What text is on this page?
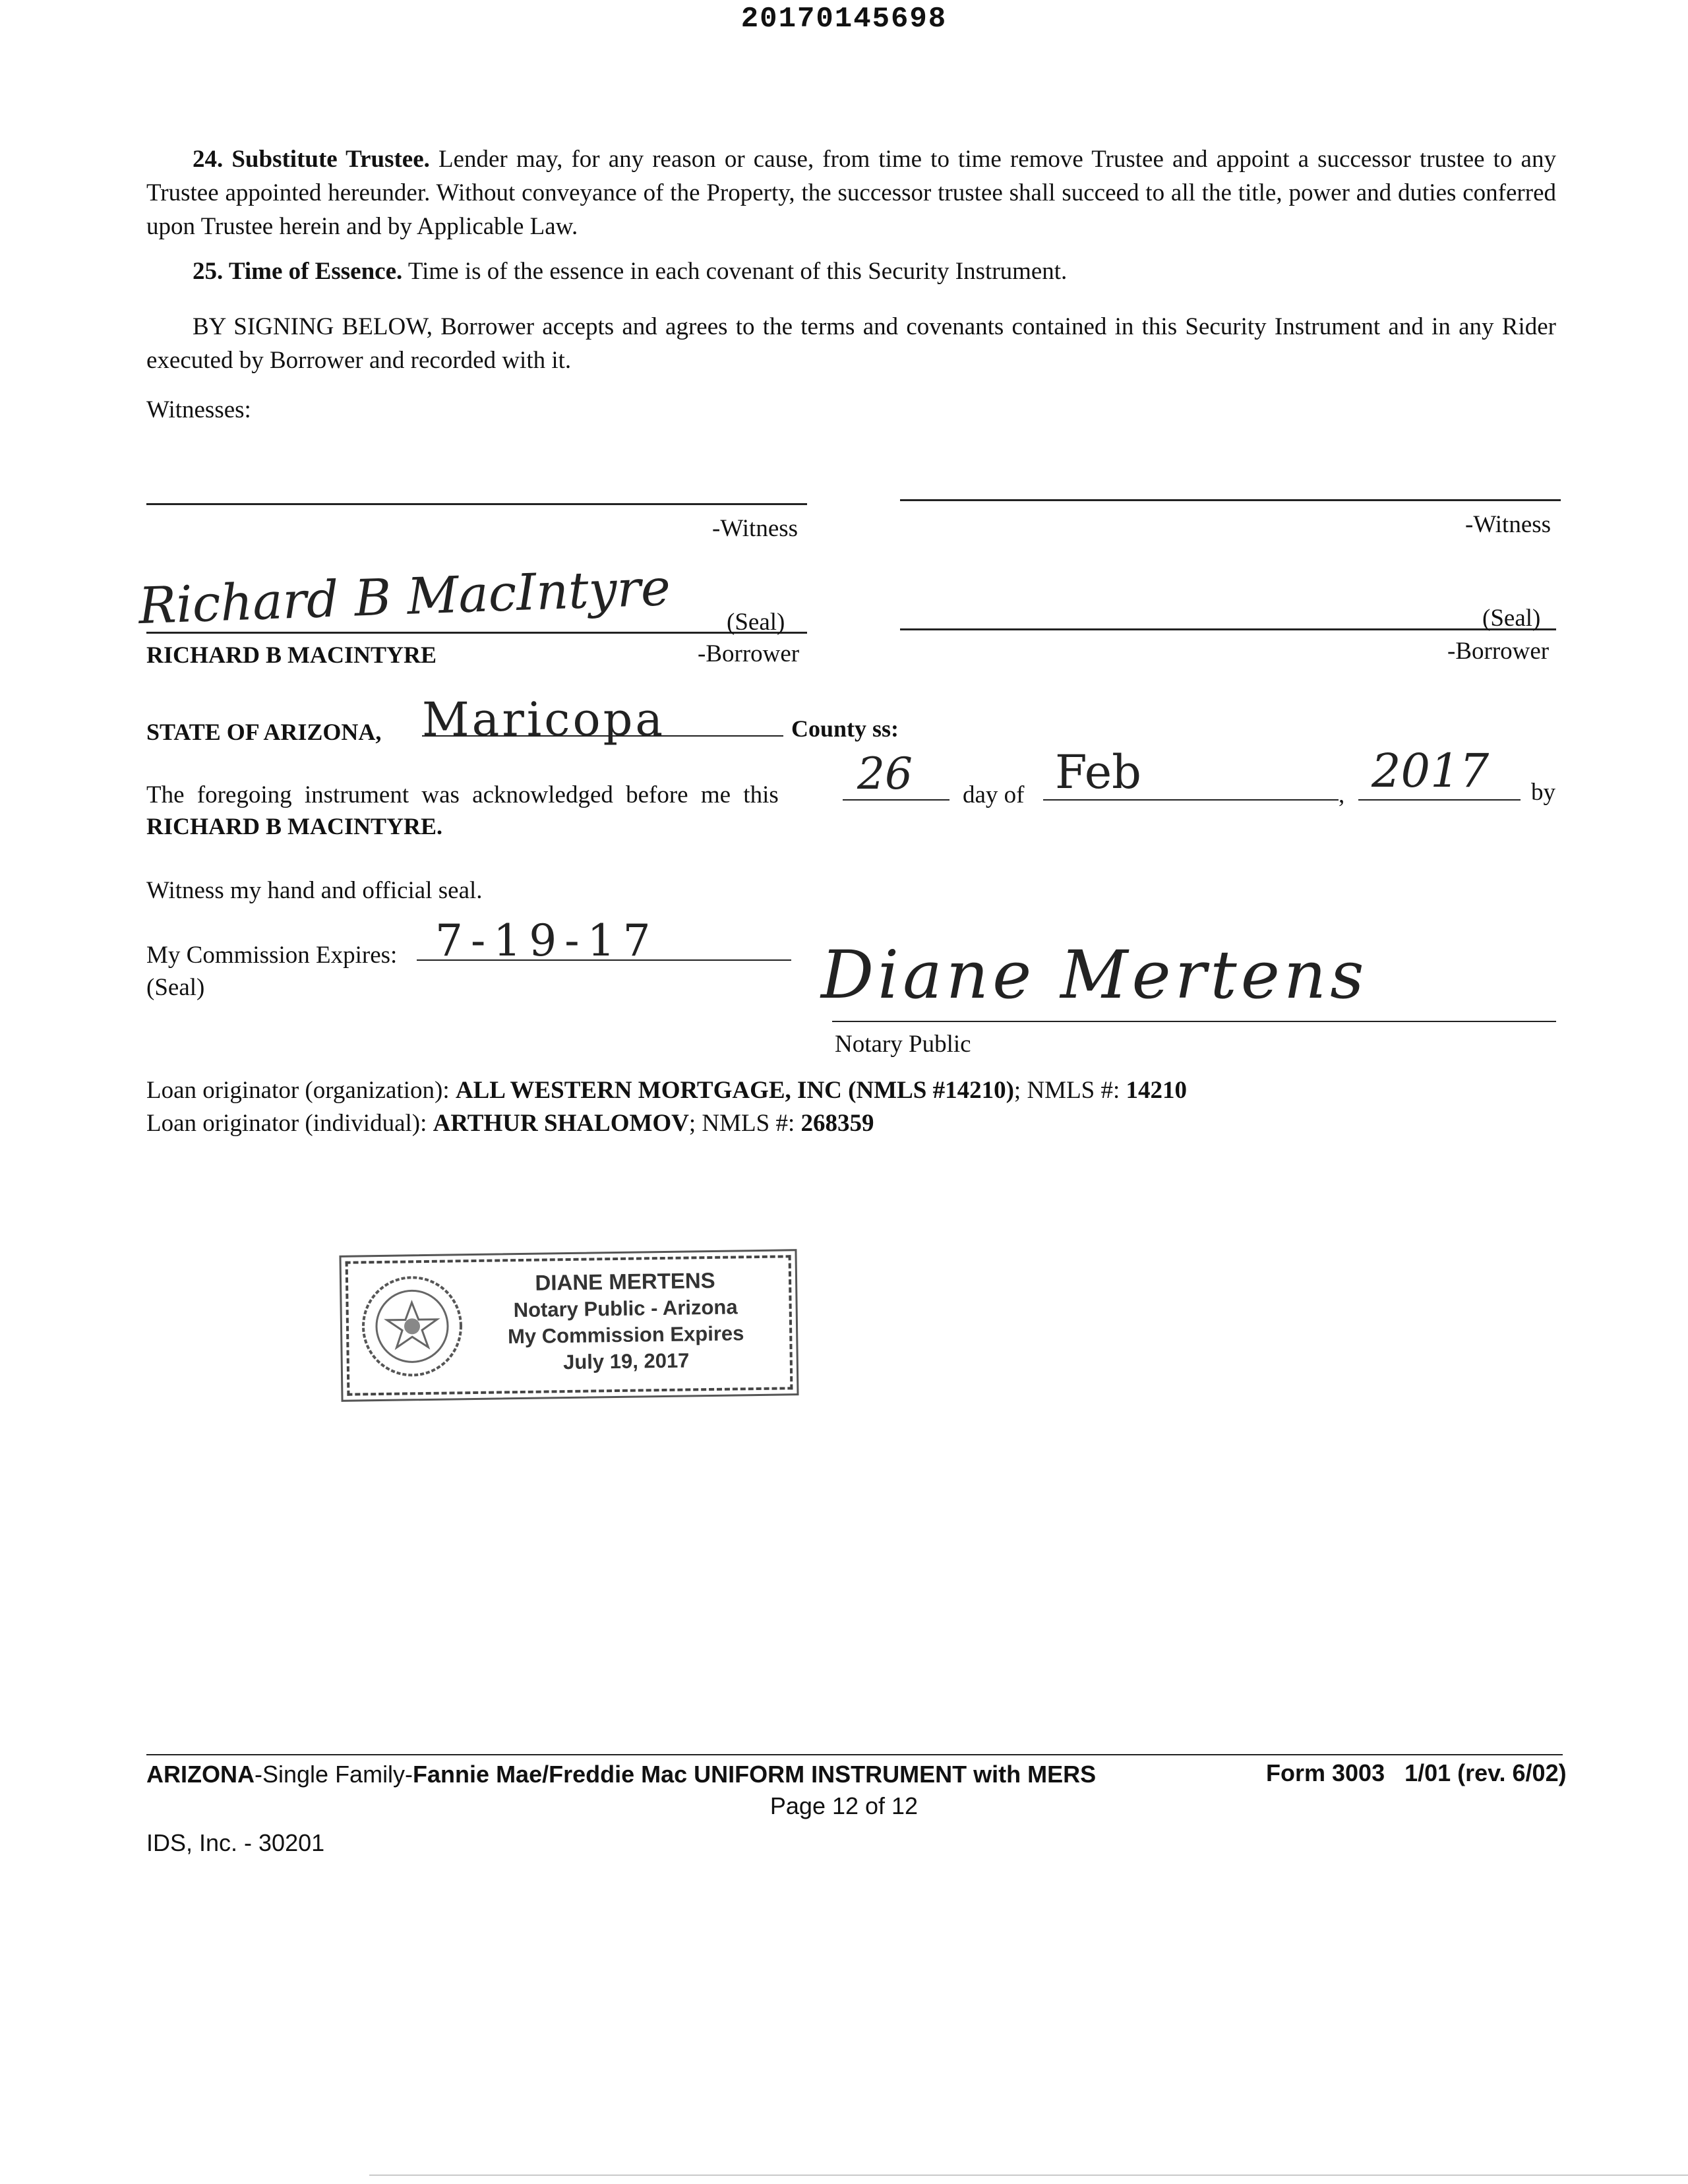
20170145698
24. Substitute Trustee. Lender may, for any reason or cause, from time to time remove Trustee and appoint a successor trustee to any Trustee appointed hereunder. Without conveyance of the Property, the successor trustee shall succeed to all the title, power and duties conferred upon Trustee herein and by Applicable Law.
25. Time of Essence. Time is of the essence in each covenant of this Security Instrument.
BY SIGNING BELOW, Borrower accepts and agrees to the terms and covenants contained in this Security Instrument and in any Rider executed by Borrower and recorded with it.
Witnesses:
-Witness	-Witness
Richard B MacIntyre (Seal)
RICHARD B MACINTYRE	-Borrower
(Seal)
-Borrower
STATE OF ARIZONA, Maricopa	County ss:
The foregoing instrument was acknowledged before me this 26 day of Feb	, 2017 by
RICHARD B MACINTYRE.
Witness my hand and official seal.
My Commission Expires: 7-19-17
(Seal)	Diane Mertens
Notary Public
Loan originator (organization): ALL WESTERN MORTGAGE, INC (NMLS #14210); NMLS #: 14210
Loan originator (individual): ARTHUR SHALOMOV; NMLS #: 268359
DIANE MERTENS
Notary Public - Arizona
My Commission Expires
July 19, 2017
ARIZONA-Single Family-Fannie Mae/Freddie Mac UNIFORM INSTRUMENT with MERS	Form 3003   1/01 (rev. 6/02)
Page 12 of 12
IDS, Inc. - 30201
